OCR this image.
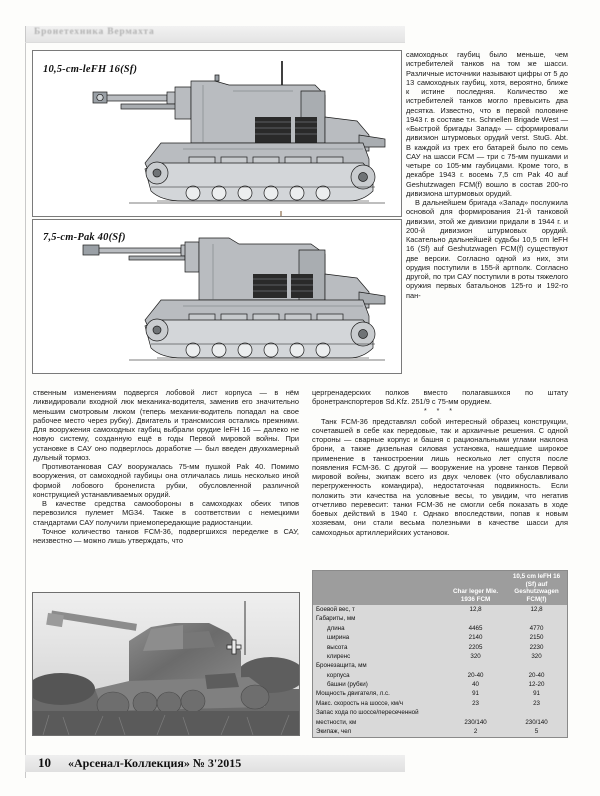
Бронетехника Вермахта
10,5-cm-leFH 16(Sf)
7,5-cm-Pak 40(Sf)

самоходных гаубиц было меньше, чем истребителей танков на том же шасси. Различные источники называют цифры от 5 до 13 самоходных гаубиц, хотя, вероятно, ближе к истине последняя. Количество же истребителей танков могло превысить два десятка. Известно, что в первой половине 1943 г. в составе т.н. Schnellen Brigade West — «Быстрой бригады Запад» — сформировали дивизион штурмовых орудий verst. StuG. Abt. В каждой из трех его батарей было по семь САУ на шасси FCM — три с 75-мм пушками и четыре со 105-мм гаубицами. Кроме того, в декабре 1943 г. восемь 7,5 cm Pak 40 auf Geshutzwagen FCM(f) вошло в состав 200-го дивизиона штурмовых орудий.

В дальнейшем бригада «Запад» послужила основой для формирования 21-й танковой дивизии, этой же дивизии придали в 1944 г. и 200-й дивизион штурмовых орудий. Касательно дальнейшей судьбы 10,5 cm leFH 16 (Sf) auf Geshutzwagen FCM(f) существуют две версии. Согласно одной из них, эти орудия поступили в 155-й артполк. Согласно другой, по три САУ поступили в роты тяжелого оружия первых батальонов 125-го и 192-го пан-

ственным изменениям подвергся лобовой лист корпуса — в нём ликвидировали входной люк механика-водителя, заменив его значительно меньшим смотровым люком (теперь механик-водитель попадал на свое рабочее место через рубку). Двигатель и трансмиссия остались прежними. Для вооружения самоходных гаубиц выбрали орудие leFH 16 — далеко не новую систему, созданную ещё в годы Первой мировой войны. При установке в САУ оно подверглось доработке — был введен двухкамерный дульный тормоз.

Противотанковая САУ вооружалась 75-мм пушкой Pak 40. Помимо вооружения, от самоходной гаубицы она отличалась лишь несколько иной формой лобового бронелиста рубки, обусловленной различной конструкцией устанавливаемых орудий.

В качестве средства самообороны в самоходках обеих типов перевозился пулемет MG34. Также в соответствии с немецкими стандартами САУ получили приемопередающие радиостанции.

Точное количество танков FCM-36, подвергшихся переделке в САУ, неизвестно — можно лишь утверждать, что

цергренадерских полков вместо полагавшихся по штату бронетранспортеров Sd.Kfz. 251/9 с 75-мм орудием.

* * *

Танк FCM-36 представлял собой интересный образец конструкции, сочетавшей в себе как передовые, так и архаичные решения. С одной стороны — сварные корпус и башня с рациональными углами наклона брони, а также дизельная силовая установка, нашедшие широкое применение в танкостроении лишь несколько лет спустя после появления FCM-36. С другой — вооружение на уровне танков Первой мировой войны, экипаж всего из двух человек (что обуславливало перегруженность командира), недостаточная подвижность. Если положить эти качества на условные весы, то увидим, что негатив отчетливо перевесит: танки FCM-36 не смогли себя показать в ходе боевых действий в 1940 г. Однако впоследствии, попав к новым хозяевам, они стали весьма полезными в качестве шасси для самоходных артиллерийских установок.

	Char leger Mle. 1936 FCM	10,5 cm leFH 16 (Sf) auf Geshutzwagen FCM(f)
Боевой вес, т	12,8	12,8
Габариты, мм		
длина	4465	4770
ширина	2140	2150
высота	2205	2230
клиренс	320	320
Бронезащита, мм		
корпуса	20-40	20-40
башни (рубки)	40	12-20
Мощность двигателя, л.с.	91	91
Макс. скорость на шоссе, км/ч	23	23
Запас хода по шоссе/пересеченной		
местности, км	230/140	230/140
Экипаж, чел	2	5
10 «Арсенал-Коллекция» № 3'2015
